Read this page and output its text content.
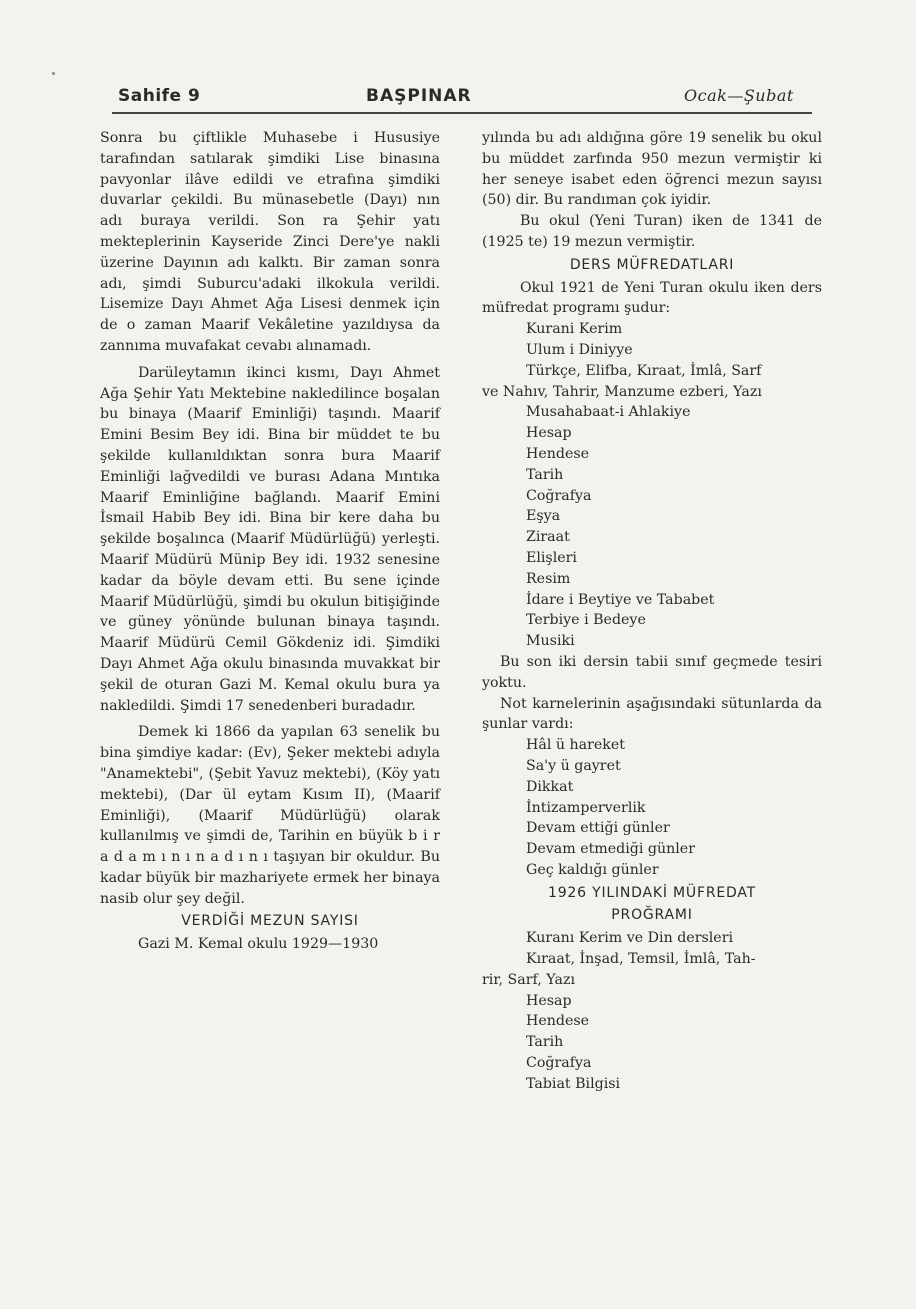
Sahife 9	BAŞPINAR	Ocak—Şubat

Sonra bu çiftlikle Muhasebe i Hususiye tarafından satılarak şimdiki Lise binasına pavyonlar ilâve edildi ve etrafına şimdiki duvarlar çekildi. Bu münasebetle (Dayı) nın adı buraya verildi. Son ra Şehir yatı mekteplerinin Kayseride Zinci Dere'ye nakli üzerine Dayının adı kalktı. Bir zaman sonra adı, şimdi Suburcu'adaki ilkokula verildi. Lisemize Dayı Ahmet Ağa Lisesi denmek için de o zaman Maarif Vekâletine yazıldıysa da zannıma muvafakat cevabı alınamadı.

Darüleytamın ikinci kısmı, Dayı Ahmet Ağa Şehir Yatı Mektebine nakledilince boşalan bu binaya (Maarif Eminliği) taşındı. Maarif Emini Besim Bey idi. Bina bir müddet te bu şekilde kullanıldıktan sonra bura Maarif Eminliği lağvedildi ve burası Adana Mıntıka Maarif Eminliğine bağlandı. Maarif Emini İsmail Habib Bey idi. Bina bir kere daha bu şekilde boşalınca (Maarif Müdürlüğü) yerleşti. Maarif Müdürü Münip Bey idi. 1932 senesine kadar da böyle devam etti. Bu sene içinde Maarif Müdürlüğü, şimdi bu okulun bitişiğinde ve güney yönünde bulunan binaya taşındı. Maarif Müdürü Cemil Gökdeniz idi. Şimdiki Dayı Ahmet Ağa okulu binasında muvakkat bir şekil de oturan Gazi M. Kemal okulu bura ya nakledildi. Şimdi 17 senedenberi buradadır.

Demek ki 1866 da yapılan 63 senelik bu bina şimdiye kadar: (Ev), Şeker mektebi adıyla "Anamektebi", (Şebit Yavuz mektebi), (Köy yatı mektebi), (Dar ül eytam Kısım II), (Maarif Eminliği), (Maarif Müdürlüğü) olarak kullanılmış ve şimdi de, Tarihin en büyük b i r a d a m ı n ı n a d ı n ı taşıyan bir okuldur. Bu kadar büyük bir mazhariyete ermek her binaya nasib olur şey değil.

VERDİĞİ MEZUN SAYISI

Gazi M. Kemal okulu 1929—1930

yılında bu adı aldığına göre 19 senelik bu okul bu müddet zarfında 950 mezun vermiştir ki her seneye isabet eden öğrenci mezun sayısı (50) dir. Bu randıman çok iyidir.

Bu okul (Yeni Turan) iken de 1341 de (1925 te) 19 mezun vermiştir.

DERS MÜFREDATLARI

Okul 1921 de Yeni Turan okulu iken ders müfredat programı şudur:

Kurani Kerim

Ulum i Diniyye

Türkçe, Elifba, Kıraat, İmlâ, Sarf

ve Nahıv, Tahrir, Manzume ezberi, Yazı

Musahabaat-i Ahlakiye

Hesap

Hendese

Tarih

Coğrafya

Eşya

Ziraat

Elişleri

Resim

İdare i Beytiye ve Tababet

Terbiye i Bedeye

Musiki

Bu son iki dersin tabii sınıf geçmede tesiri yoktu.

Not karnelerinin aşağısındaki sütunlarda da şunlar vardı:

Hâl ü hareket

Sa'y ü gayret

Dikkat

İntizamperverlik

Devam ettiği günler

Devam etmediği günler

Geç kaldığı günler

1926 YILINDAKİ MÜFREDAT
PROĞRAMI

Kuranı Kerim ve Din dersleri

Kıraat, İnşad, Temsil, İmlâ, Tah-

rir, Sarf, Yazı

Hesap

Hendese

Tarih

Coğrafya

Tabiat Bilgisi
